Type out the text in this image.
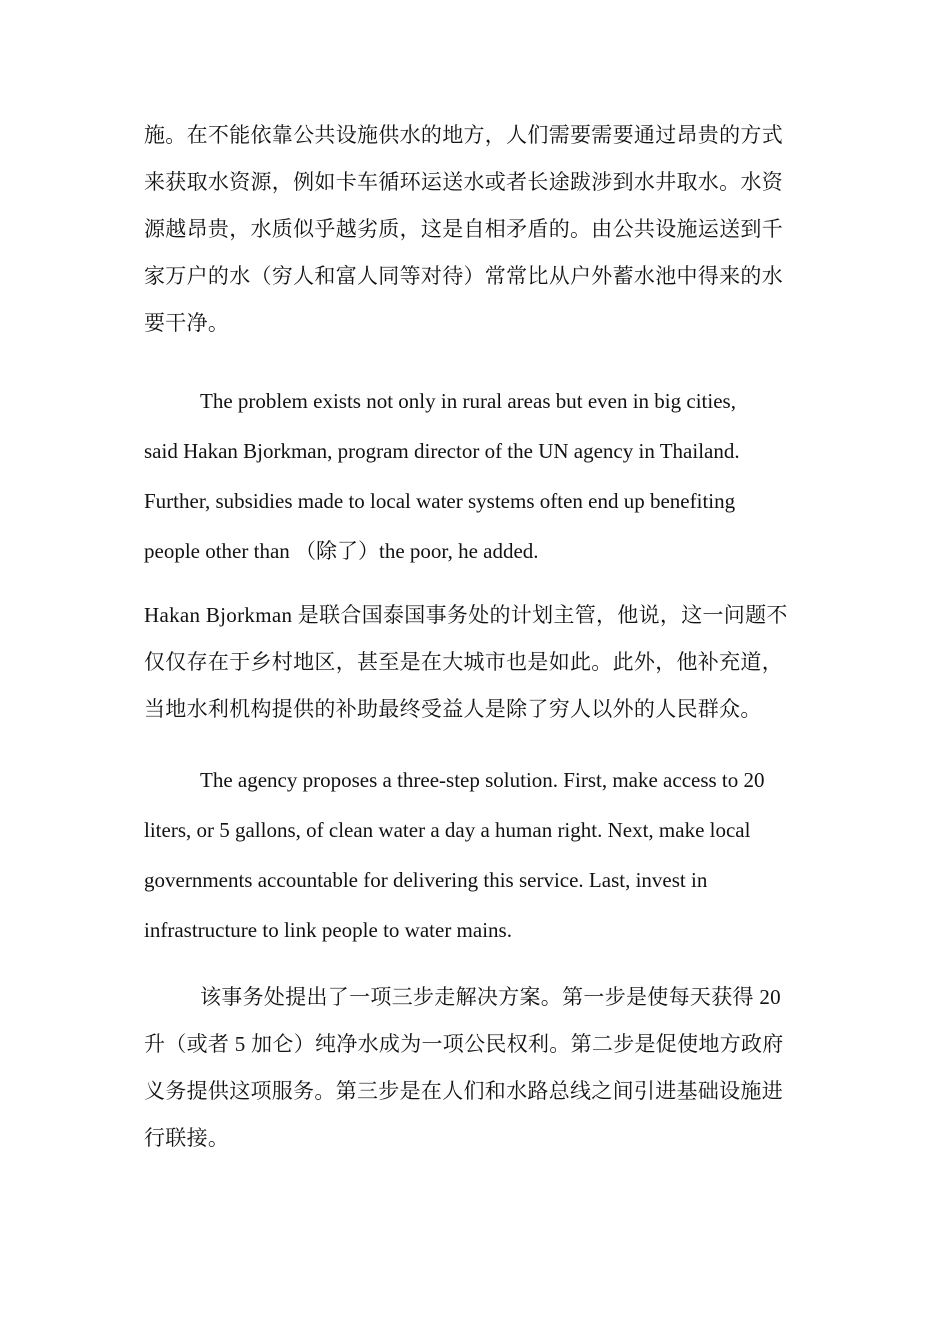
施。在不能依靠公共设施供水的地方，人们需要需要通过昂贵的方式
来获取水资源，例如卡车循环运送水或者长途跋涉到水井取水。水资
源越昂贵，水质似乎越劣质，这是自相矛盾的。由公共设施运送到千
家万户的水（穷人和富人同等对待）常常比从户外蓄水池中得来的水
要干净。
The problem exists not only in rural areas but even in big cities,
said Hakan Bjorkman, program director of the UN agency in Thailand.
Further, subsidies made to local water systems often end up benefiting
people other than （除了）the poor, he added.
Hakan Bjorkman 是联合国泰国事务处的计划主管，他说，这一问题不
仅仅存在于乡村地区，甚至是在大城市也是如此。此外，他补充道，
当地水利机构提供的补助最终受益人是除了穷人以外的人民群众。
The agency proposes a three-step solution. First, make access to 20
liters, or 5 gallons, of clean water a day a human right. Next, make local
governments accountable for delivering this service. Last, invest in
infrastructure to link people to water mains.
该事务处提出了一项三步走解决方案。第一步是使每天获得 20
升（或者 5 加仑）纯净水成为一项公民权利。第二步是促使地方政府
义务提供这项服务。第三步是在人们和水路总线之间引进基础设施进
行联接。
